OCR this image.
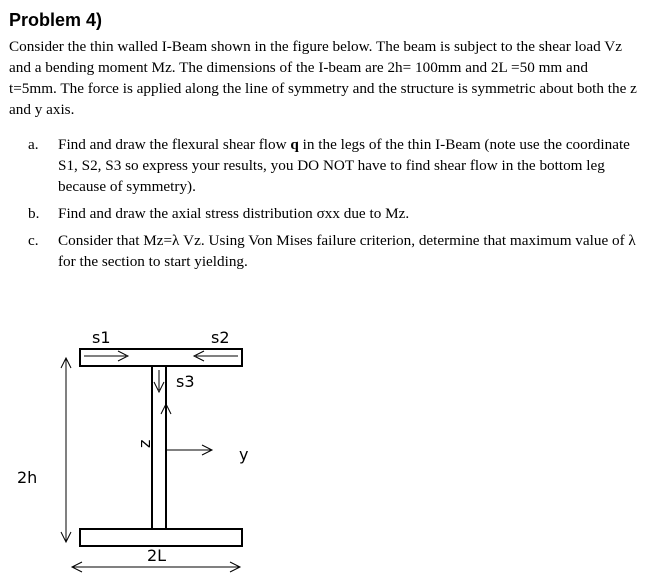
Problem 4)

Consider the thin walled I-Beam shown in the figure below. The beam is subject to the shear load Vz and a bending moment Mz. The dimensions of the I-beam are 2h= 100mm and 2L =50 mm and t=5mm. The force is applied along the line of symmetry and the structure is symmetric about both the z and y axis.

a.	Find and draw the flexural shear flow q in the legs of the thin I-Beam (note use the coordinate S1, S2, S3 so express your results, you DO NOT have to find shear flow in the bottom leg because of symmetry).
b.	Find and draw the axial stress distribution σxx due to Mz.
c.	Consider that Mz=λ Vz. Using Von Mises failure criterion, determine that maximum value of λ for the section to start yielding.
s1	s2
s3
z
y
2h
2L
